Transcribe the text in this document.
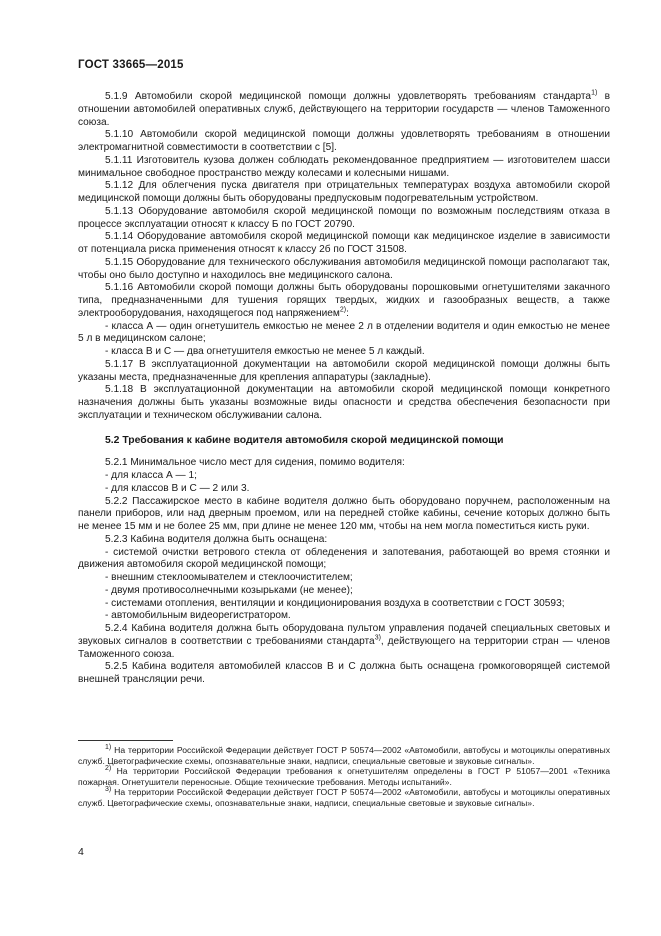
ГОСТ 33665—2015

5.1.9 Автомобили скорой медицинской помощи должны удовлетворять требованиям стандарта$^{1)}$ в отношении автомобилей оперативных служб, действующего на территории государств — членов Таможенного союза.

5.1.10 Автомобили скорой медицинской помощи должны удовлетворять требованиям в отношении электромагнитной совместимости в соответствии с [5].

5.1.11 Изготовитель кузова должен соблюдать рекомендованное предприятием — изготовителем шасси минимальное свободное пространство между колесами и колесными нишами.

5.1.12 Для облегчения пуска двигателя при отрицательных температурах воздуха автомобили скорой медицинской помощи должны быть оборудованы предпусковым подогревательным устройством.

5.1.13 Оборудование автомобиля скорой медицинской помощи по возможным последствиям отказа в процессе эксплуатации относят к классу Б по ГОСТ 20790.

5.1.14 Оборудование автомобиля скорой медицинской помощи как медицинское изделие в зависимости от потенциала риска применения относят к классу 2б по ГОСТ 31508.

5.1.15 Оборудование для технического обслуживания автомобиля медицинской помощи располагают так, чтобы оно было доступно и находилось вне медицинского салона.

5.1.16 Автомобили скорой помощи должны быть оборудованы порошковыми огнетушителями закачного типа, предназначенными для тушения горящих твердых, жидких и газообразных веществ, а также электрооборудования, находящегося под напряжением$^{2)}$:

- класса А — один огнетушитель емкостью не менее 2 л в отделении водителя и один емкостью не менее 5 л в медицинском салоне;

- класса В и С — два огнетушителя емкостью не менее 5 л каждый.

5.1.17 В эксплуатационной документации на автомобили скорой медицинской помощи должны быть указаны места, предназначенные для крепления аппаратуры (закладные).

5.1.18 В эксплуатационной документации на автомобили скорой медицинской помощи конкретного назначения должны быть указаны возможные виды опасности и средства обеспечения безопасности при эксплуатации и техническом обслуживании салона.

5.2 Требования к кабине водителя автомобиля скорой медицинской помощи

5.2.1 Минимальное число мест для сидения, помимо водителя:

- для класса А — 1;

- для классов В и С — 2 или 3.

5.2.2 Пассажирское место в кабине водителя должно быть оборудовано поручнем, расположенным на панели приборов, или над дверным проемом, или на передней стойке кабины, сечение которых должно быть не менее 15 мм и не более 25 мм, при длине не менее 120 мм, чтобы на нем могла поместиться кисть руки.

5.2.3 Кабина водителя должна быть оснащена:

- системой очистки ветрового стекла от обледенения и запотевания, работающей во время стоянки и движения автомобиля скорой медицинской помощи;

- внешним стеклоомывателем и стеклоочистителем;

- двумя противосолнечными козырьками (не менее);

- системами отопления, вентиляции и кондиционирования воздуха в соответствии с ГОСТ 30593;

- автомобильным видеорегистратором.

5.2.4 Кабина водителя должна быть оборудована пультом управления подачей специальных световых и звуковых сигналов в соответствии с требованиями стандарта$^{3)}$, действующего на территории стран — членов Таможенного союза.

5.2.5 Кабина водителя автомобилей классов В и С должна быть оснащена громкоговорящей системой внешней трансляции речи.

$^{1)}$ На территории Российской Федерации действует ГОСТ Р 50574—2002 «Автомобили, автобусы и мотоциклы оперативных служб. Цветографические схемы, опознавательные знаки, надписи, специальные световые и звуковые сигналы».

$^{2)}$ На территории Российской Федерации требования к огнетушителям определены в ГОСТ Р 51057—2001 «Техника пожарная. Огнетушители переносные. Общие технические требования. Методы испытаний».

$^{3)}$ На территории Российской Федерации действует ГОСТ Р 50574—2002 «Автомобили, автобусы и мотоциклы оперативных служб. Цветографические схемы, опознавательные знаки, надписи, специальные световые и звуковые сигналы».

4
